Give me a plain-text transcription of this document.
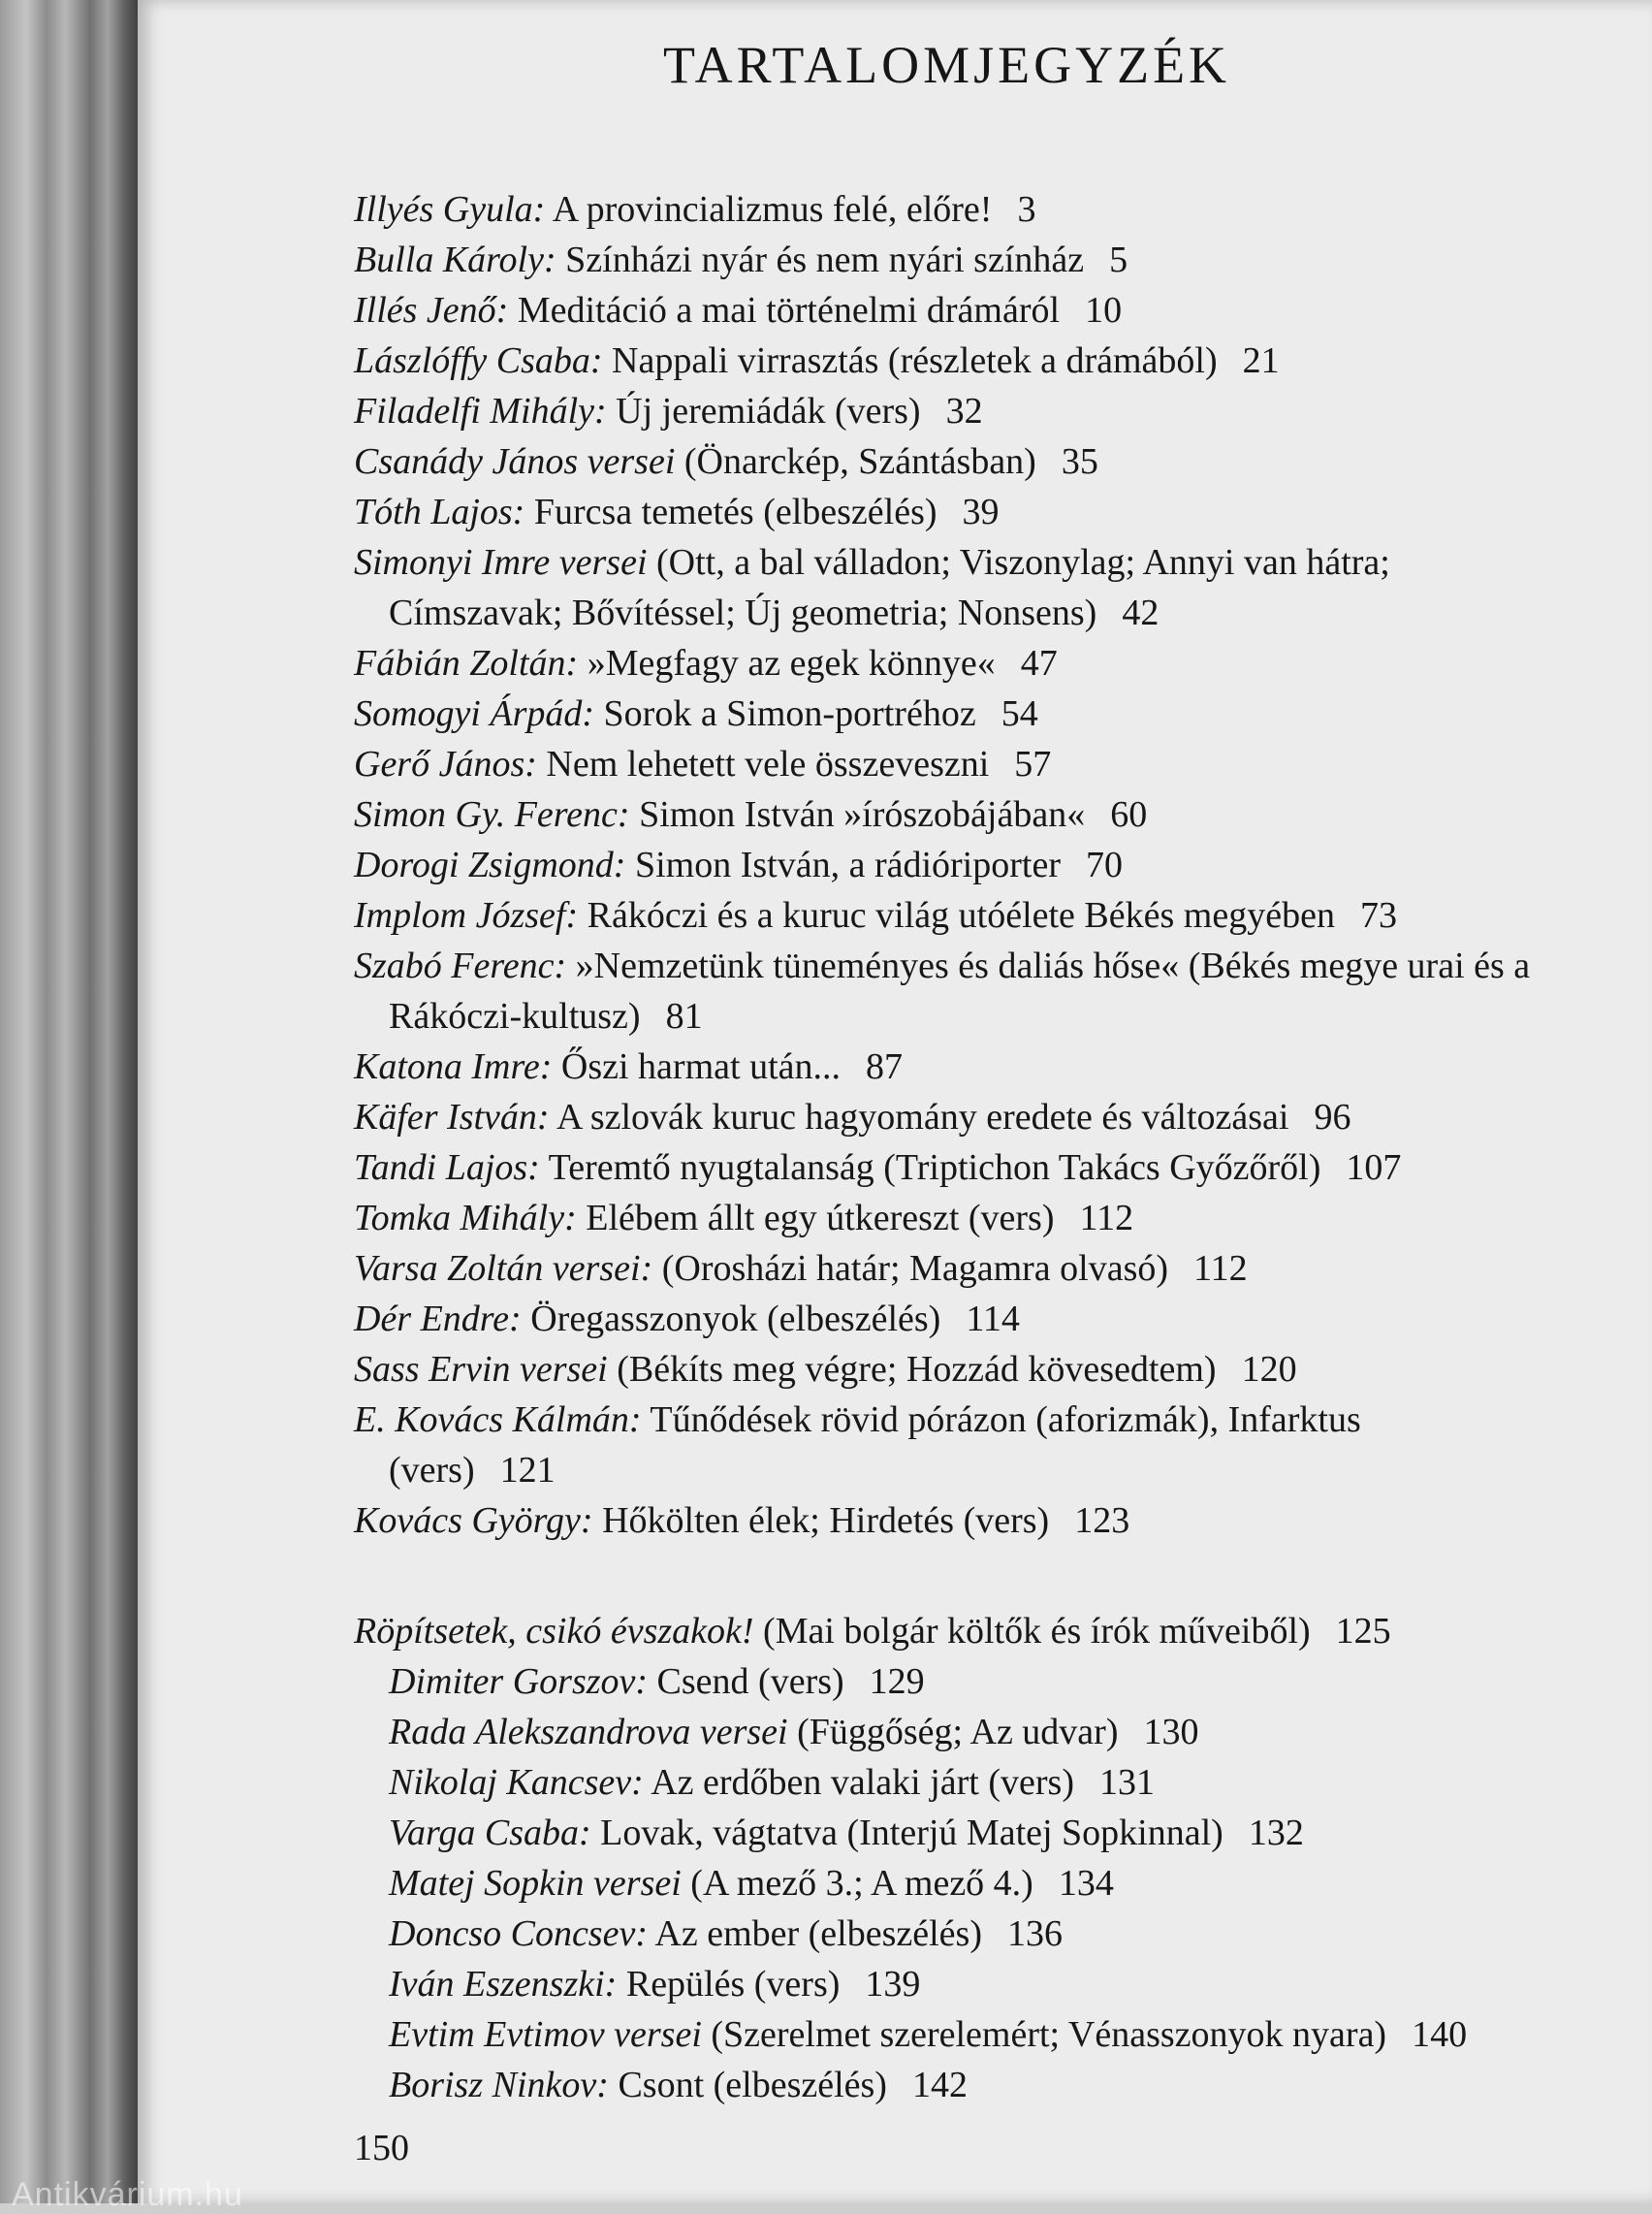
TARTALOMJEGYZÉK

Illyés Gyula: A provincializmus felé, előre! 3

Bulla Károly: Színházi nyár és nem nyári színház 5

Illés Jenő: Meditáció a mai történelmi drámáról 10

Lászlóffy Csaba: Nappali virrasztás (részletek a drámából) 21

Filadelfi Mihály: Új jeremiádák (vers) 32

Csanády János versei (Önarckép, Szántásban) 35

Tóth Lajos: Furcsa temetés (elbeszélés) 39

Simonyi Imre versei (Ott, a bal válladon; Viszonylag; Annyi van hátra; Címszavak; Bővítéssel; Új geometria; Nonsens) 42

Fábián Zoltán: »Megfagy az egek könnye« 47

Somogyi Árpád: Sorok a Simon-portréhoz 54

Gerő János: Nem lehetett vele összeveszni 57

Simon Gy. Ferenc: Simon István »írószobájában« 60

Dorogi Zsigmond: Simon István, a rádióriporter 70

Implom József: Rákóczi és a kuruc világ utóélete Békés megyében 73

Szabó Ferenc: »Nemzetünk tüneményes és daliás hőse« (Békés megye urai és a Rákóczi-kultusz) 81

Katona Imre: Őszi harmat után... 87

Käfer István: A szlovák kuruc hagyomány eredete és változásai 96

Tandi Lajos: Teremtő nyugtalanság (Triptichon Takács Győzőről) 107

Tomka Mihály: Elébem állt egy útkereszt (vers) 112

Varsa Zoltán versei: (Orosházi határ; Magamra olvasó) 112

Dér Endre: Öregasszonyok (elbeszélés) 114

Sass Ervin versei (Békíts meg végre; Hozzád kövesedtem) 120

E. Kovács Kálmán: Tűnődések rövid pórázon (aforizmák), Infarktus (vers) 121

Kovács György: Hőkölten élek; Hirdetés (vers) 123

Röpítsetek, csikó évszakok! (Mai bolgár költők és írók műveiből) 125

Dimiter Gorszov: Csend (vers) 129

Rada Alekszandrova versei (Függőség; Az udvar) 130

Nikolaj Kancsev: Az erdőben valaki járt (vers) 131

Varga Csaba: Lovak, vágtatva (Interjú Matej Sopkinnal) 132

Matej Sopkin versei (A mező 3.; A mező 4.) 134

Doncso Concsev: Az ember (elbeszélés) 136

Iván Eszenszki: Repülés (vers) 139

Evtim Evtimov versei (Szerelmet szerelemért; Vénasszonyok nyara) 140

Borisz Ninkov: Csont (elbeszélés) 142

150
Antikvárium.hu
